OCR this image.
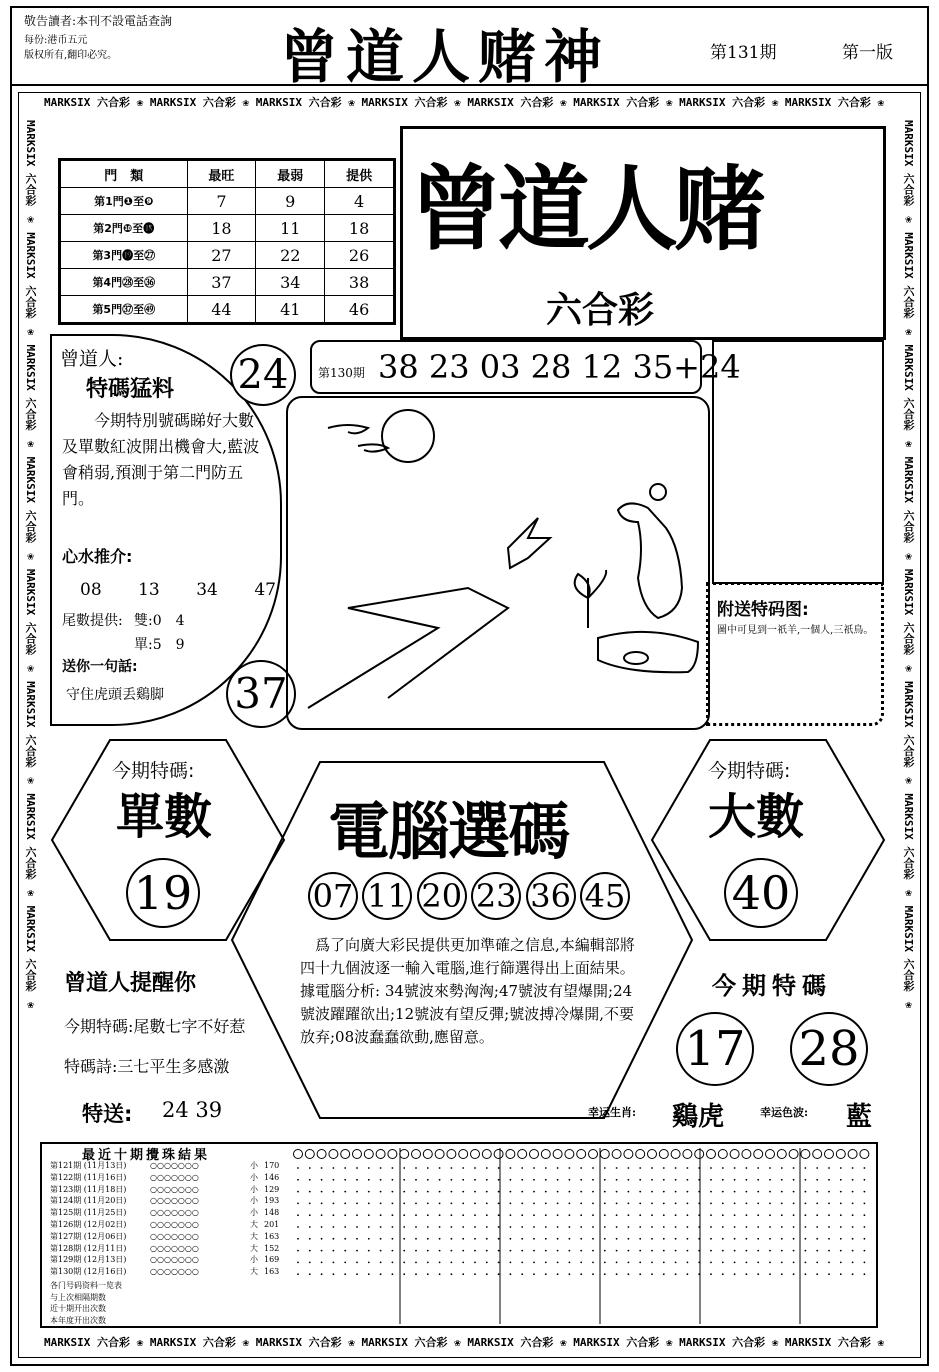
敬告讀者:本刊不設電話查詢
每份:港币五元
版权所有,翻印必究。	曾道人赌神	第131期	第一版
MARKSIX 六合彩 ❀ MARKSIX 六合彩 ❀ MARKSIX 六合彩 ❀ MARKSIX 六合彩 ❀ MARKSIX 六合彩 ❀ MARKSIX 六合彩 ❀ MARKSIX 六合彩 ❀ MARKSIX 六合彩 ❀
MARKSIX 六合彩 ❀ MARKSIX 六合彩 ❀ MARKSIX 六合彩 ❀ MARKSIX 六合彩 ❀ MARKSIX 六合彩 ❀ MARKSIX 六合彩 ❀ MARKSIX 六合彩 ❀ MARKSIX 六合彩 ❀
MARKSIX 六合彩 ❀ MARKSIX 六合彩 ❀ MARKSIX 六合彩 ❀ MARKSIX 六合彩 ❀ MARKSIX 六合彩 ❀ MARKSIX 六合彩 ❀ MARKSIX 六合彩 ❀ MARKSIX 六合彩 ❀	MARKSIX 六合彩 ❀ MARKSIX 六合彩 ❀ MARKSIX 六合彩 ❀ MARKSIX 六合彩 ❀ MARKSIX 六合彩 ❀ MARKSIX 六合彩 ❀ MARKSIX 六合彩 ❀ MARKSIX 六合彩 ❀
門　類	最旺	最弱	提供
第1門❶至❾	7	9	4
第2門❿至⓲	18	11	18
第3門⓳至㉗	27	22	26
第4門㉘至㊱	37	34	38
第5門㊲至㊾	44	41	46
曾道人赌
六合彩
曾道人:
特碼猛料
今期特別號碼睇好大數及單數紅波開出機會大,藍波會稍弱,預測于第二門防五門。
心水推介:
08 13 34 47
尾數提供: 雙:0　4
單:5　9
送你一句話:
守住虎頭丢鷄脚
24
37
第130期 38 23 03 28 12 35+24
附送特码图:
圖中可見到一祇羊,一個人,三祇鳥。
今期特碼:
單數
19
今期特碼:
大數
40
電腦選碼
07 11 20 23 36 45
爲了向廣大彩民提供更加準確之信息,本編輯部將四十九個波逐一輸入電腦,進行篩選得出上面結果。據電腦分析: 34號波來勢洶洶;47號波有望爆開;24號波躍躍欲出;12號波有望反彈;號波搏冷爆開,不要放弃;08波蠢蠢欲動,應留意。
曾道人提醒你
今期特碼:尾數七字不好惹
特碼詩:三七平生多感激
特送: 24 39
今期特碼
17 28
幸运生肖: 鷄虎	幸运色波: 藍
最近十期攪珠結果
第121期 (11月13日)	○○○○○○○	小 170
第122期 (11月16日)	○○○○○○○	小 146
第123期 (11月18日)	○○○○○○○	小 129
第124期 (11月20日)	○○○○○○○	小 193
第125期 (11月25日)	○○○○○○○	小 148
第126期 (12月02日)	○○○○○○○	大 201
第127期 (12月06日)	○○○○○○○	大 163
第128期 (12月11日)	○○○○○○○	大 152
第129期 (12月13日)	○○○○○○○	小 169
第130期 (12月16日)	○○○○○○○	大 163
各门号码资料一览表
与上次相隔期数
近十期开出次数
本年度开出次数
